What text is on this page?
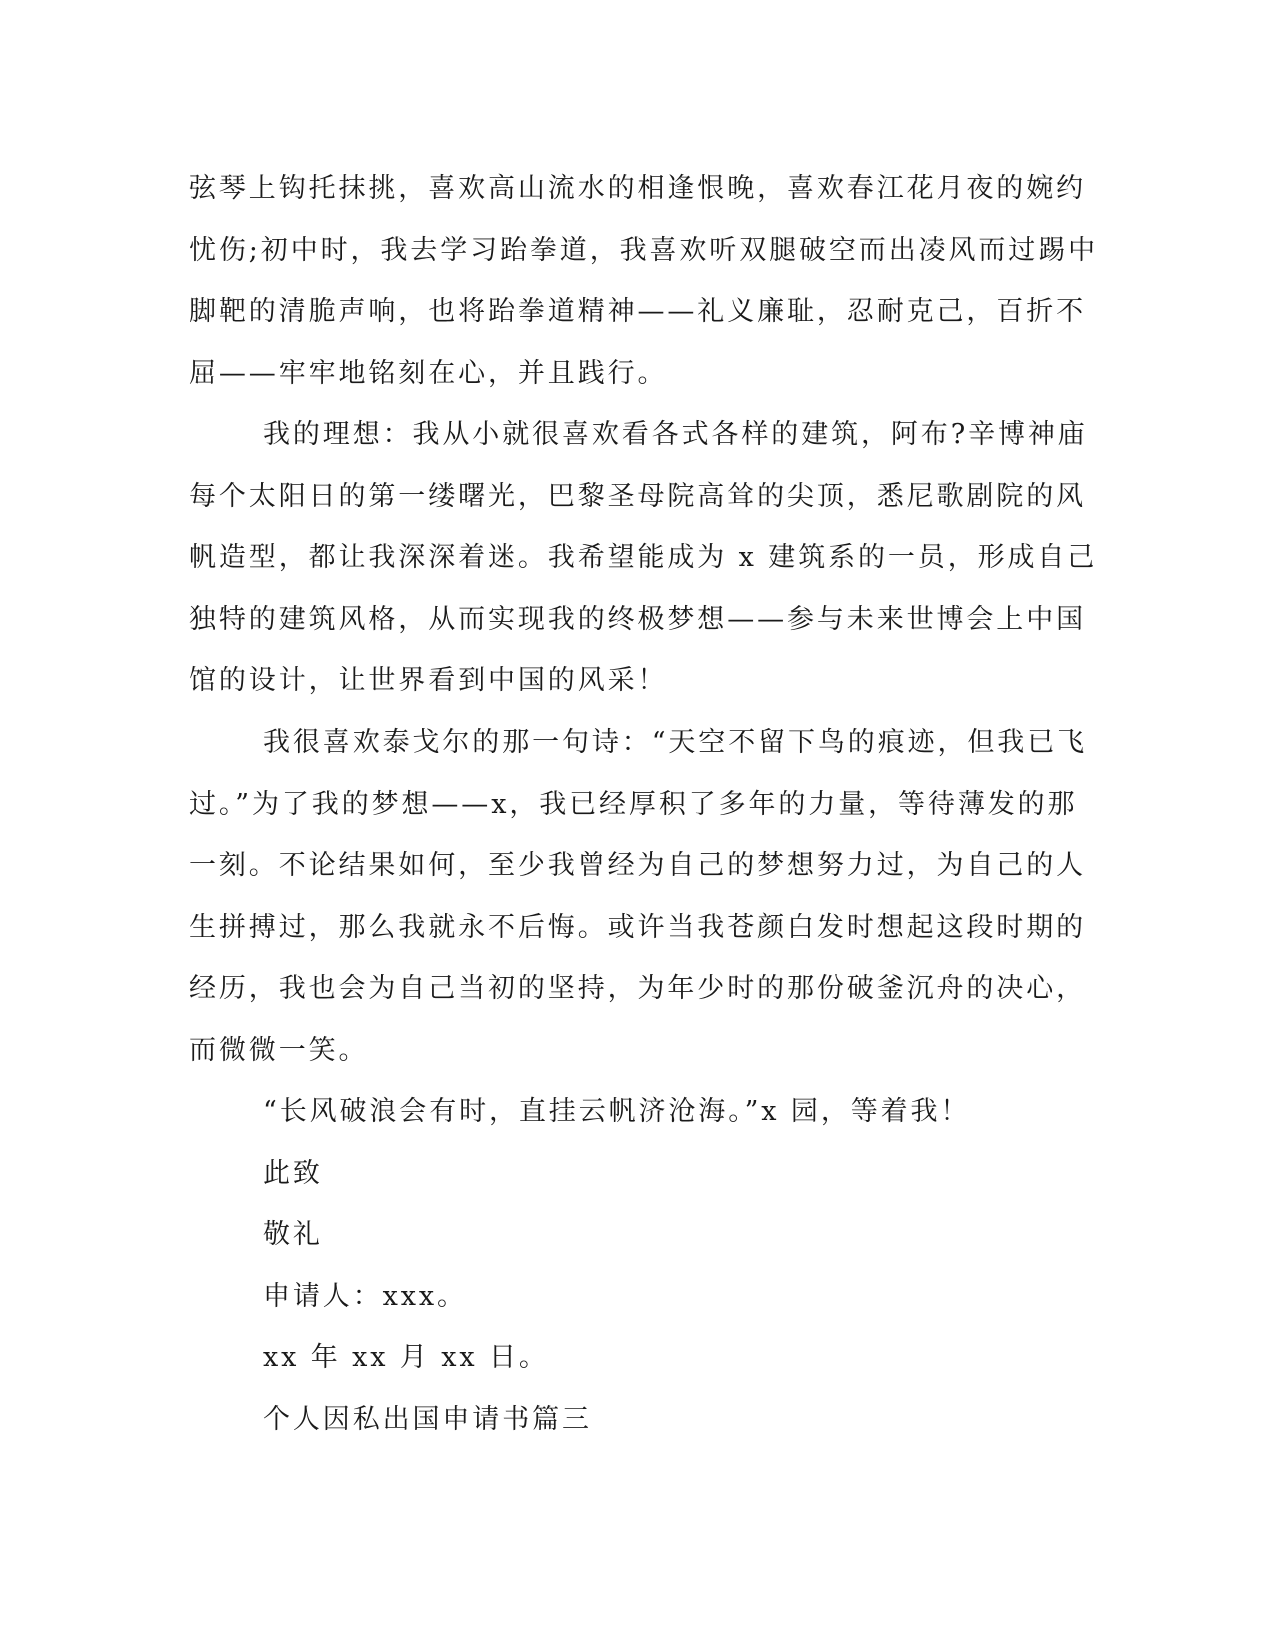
弦琴上钩托抹挑，喜欢高山流水的相逢恨晚，喜欢春江花月夜的婉约
忧伤;初中时，我去学习跆拳道，我喜欢听双腿破空而出凌风而过踢中
脚靶的清脆声响，也将跆拳道精神——礼义廉耻，忍耐克己，百折不
屈——牢牢地铭刻在心，并且践行。
我的理想：我从小就很喜欢看各式各样的建筑，阿布?辛博神庙
每个太阳日的第一缕曙光，巴黎圣母院高耸的尖顶，悉尼歌剧院的风
帆造型，都让我深深着迷。我希望能成为 x 建筑系的一员，形成自己
独特的建筑风格，从而实现我的终极梦想——参与未来世博会上中国
馆的设计，让世界看到中国的风采！
我很喜欢泰戈尔的那一句诗：“天空不留下鸟的痕迹，但我已飞
过。”为了我的梦想——x，我已经厚积了多年的力量，等待薄发的那
一刻。不论结果如何，至少我曾经为自己的梦想努力过，为自己的人
生拼搏过，那么我就永不后悔。或许当我苍颜白发时想起这段时期的
经历，我也会为自己当初的坚持，为年少时的那份破釜沉舟的决心，
而微微一笑。
“长风破浪会有时，直挂云帆济沧海。”x 园，等着我！
此致
敬礼
申请人：xxx。
xx 年 xx 月 xx 日。
个人因私出国申请书篇三
